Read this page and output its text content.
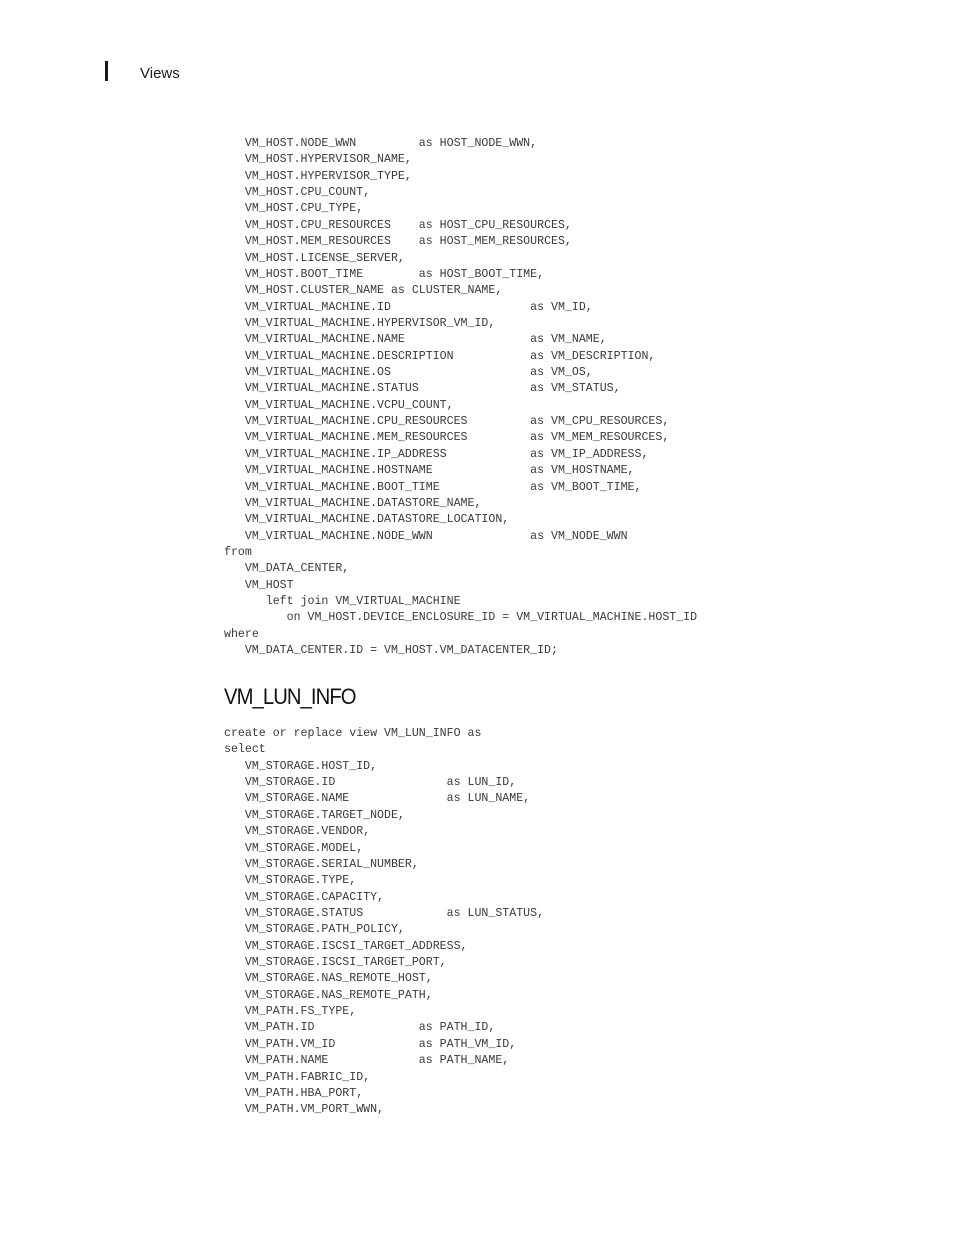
Views
VM_HOST.NODE_WWN         as HOST_NODE_WWN,
VM_HOST.HYPERVISOR_NAME,
VM_HOST.HYPERVISOR_TYPE,
VM_HOST.CPU_COUNT,
VM_HOST.CPU_TYPE,
VM_HOST.CPU_RESOURCES    as HOST_CPU_RESOURCES,
VM_HOST.MEM_RESOURCES    as HOST_MEM_RESOURCES,
VM_HOST.LICENSE_SERVER,
VM_HOST.BOOT_TIME        as HOST_BOOT_TIME,
VM_HOST.CLUSTER_NAME as CLUSTER_NAME,
VM_VIRTUAL_MACHINE.ID                    as VM_ID,
VM_VIRTUAL_MACHINE.HYPERVISOR_VM_ID,
VM_VIRTUAL_MACHINE.NAME                  as VM_NAME,
VM_VIRTUAL_MACHINE.DESCRIPTION           as VM_DESCRIPTION,
VM_VIRTUAL_MACHINE.OS                    as VM_OS,
VM_VIRTUAL_MACHINE.STATUS                as VM_STATUS,
VM_VIRTUAL_MACHINE.VCPU_COUNT,
VM_VIRTUAL_MACHINE.CPU_RESOURCES         as VM_CPU_RESOURCES,
VM_VIRTUAL_MACHINE.MEM_RESOURCES         as VM_MEM_RESOURCES,
VM_VIRTUAL_MACHINE.IP_ADDRESS            as VM_IP_ADDRESS,
VM_VIRTUAL_MACHINE.HOSTNAME              as VM_HOSTNAME,
VM_VIRTUAL_MACHINE.BOOT_TIME             as VM_BOOT_TIME,
VM_VIRTUAL_MACHINE.DATASTORE_NAME,
VM_VIRTUAL_MACHINE.DATASTORE_LOCATION,
VM_VIRTUAL_MACHINE.NODE_WWN              as VM_NODE_WWN
from
VM_DATA_CENTER,
VM_HOST
left join VM_VIRTUAL_MACHINE
on VM_HOST.DEVICE_ENCLOSURE_ID = VM_VIRTUAL_MACHINE.HOST_ID
where
VM_DATA_CENTER.ID = VM_HOST.VM_DATACENTER_ID;
VM_LUN_INFO
create or replace view VM_LUN_INFO as
select
VM_STORAGE.HOST_ID,
VM_STORAGE.ID                as LUN_ID,
VM_STORAGE.NAME              as LUN_NAME,
VM_STORAGE.TARGET_NODE,
VM_STORAGE.VENDOR,
VM_STORAGE.MODEL,
VM_STORAGE.SERIAL_NUMBER,
VM_STORAGE.TYPE,
VM_STORAGE.CAPACITY,
VM_STORAGE.STATUS            as LUN_STATUS,
VM_STORAGE.PATH_POLICY,
VM_STORAGE.ISCSI_TARGET_ADDRESS,
VM_STORAGE.ISCSI_TARGET_PORT,
VM_STORAGE.NAS_REMOTE_HOST,
VM_STORAGE.NAS_REMOTE_PATH,
VM_PATH.FS_TYPE,
VM_PATH.ID               as PATH_ID,
VM_PATH.VM_ID            as PATH_VM_ID,
VM_PATH.NAME             as PATH_NAME,
VM_PATH.FABRIC_ID,
VM_PATH.HBA_PORT,
VM_PATH.VM_PORT_WWN,
